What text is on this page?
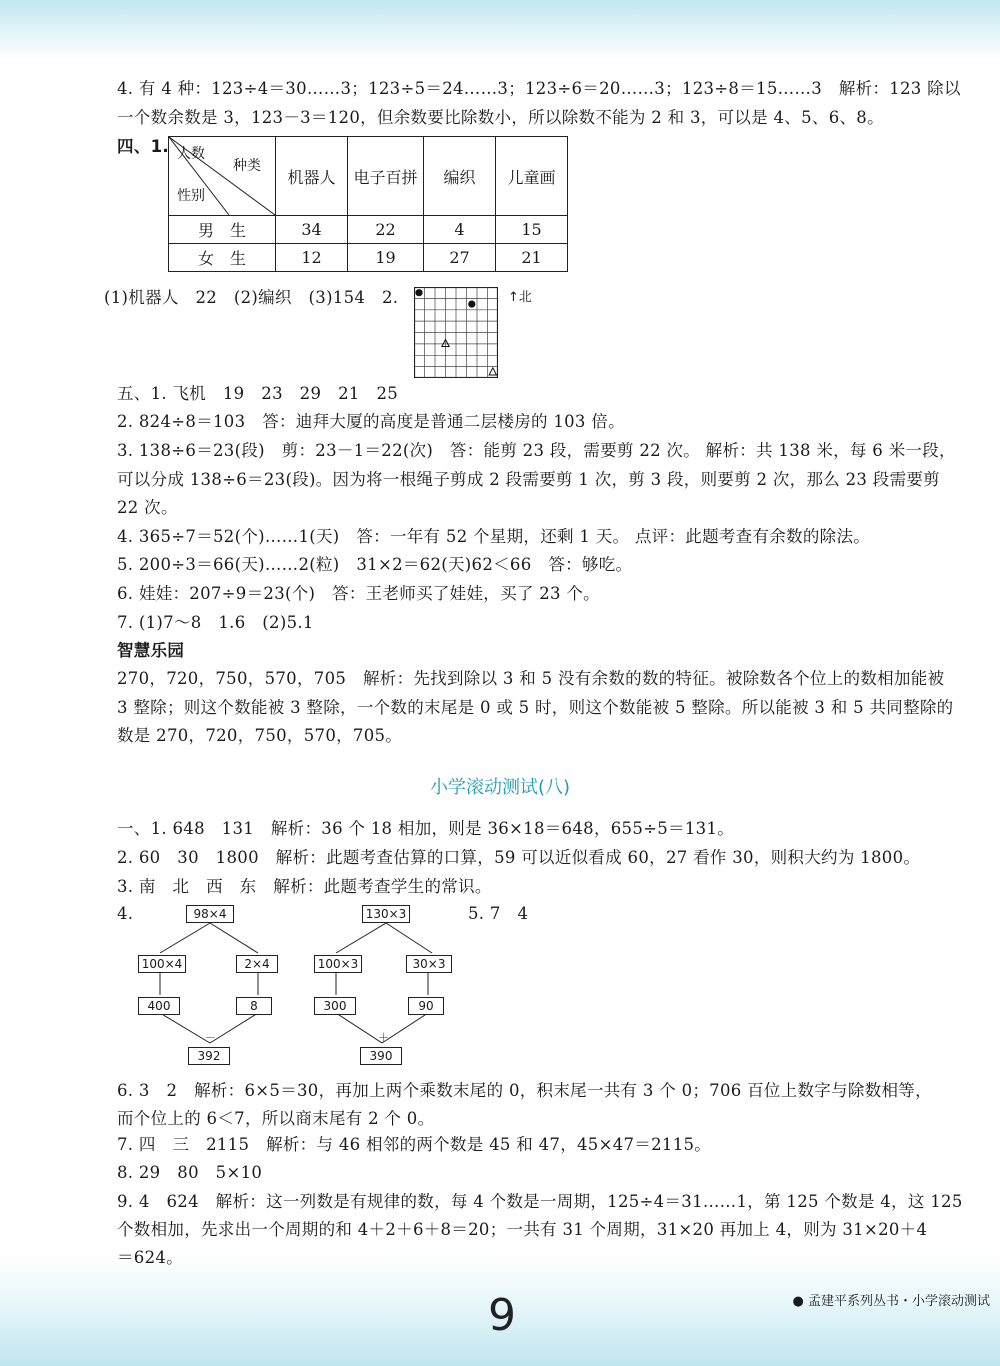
4. 有 4 种：123÷4＝30……3；123÷5＝24……3；123÷6＝20……3；123÷8＝15……3　解析：123 除以
一个数余数是 3，123－3＝120，但余数要比除数小，所以除数不能为 2 和 3，可以是 4、5、6、8。
四、1. 人数
种类
性别	机器人	电子百拼	编织	儿童画
男　生	34	22	4	15
女　生	12	19	27	21
(1)机器人　22　(2)编织　(3)154　2.	↑北
五、1. 飞机　19　23　29　21　25
2. 824÷8＝103　答：迪拜大厦的高度是普通二层楼房的 103 倍。
3. 138÷6＝23(段)　剪：23－1＝22(次)　答：能剪 23 段，需要剪 22 次。 解析：共 138 米，每 6 米一段，
可以分成 138÷6＝23(段)。因为将一根绳子剪成 2 段需要剪 1 次，剪 3 段，则要剪 2 次，那么 23 段需要剪
22 次。
4. 365÷7＝52(个)……1(天)　答：一年有 52 个星期，还剩 1 天。 点评：此题考查有余数的除法。
5. 200÷3＝66(天)……2(粒)　31×2＝62(天)62＜66　答：够吃。
6. 娃娃：207÷9＝23(个)　答：王老师买了娃娃，买了 23 个。
7. (1)7～8　1.6　(2)5.1
智慧乐园
270，720，750，570，705　解析：先找到除以 3 和 5 没有余数的数的特征。被除数各个位上的数相加能被
3 整除；则这个数能被 3 整除，一个数的末尾是 0 或 5 时，则这个数能被 5 整除。所以能被 3 和 5 共同整除的
数是 270，720，750，570，705。
小学滚动测试(八)
一、1. 648　131　解析：36 个 18 相加，则是 36×18＝648，655÷5＝131。
2. 60　30　1800　解析：此题考查估算的口算，59 可以近似看成 60，27 看作 30，则积大约为 1800。
3. 南　北　西　东　解析：此题考查学生的常识。
4.	5. 7　4
98×4
100×4	2×4
400	8
－
392
130×3
100×3	30×3
300	90
＋
390
6. 3　2　解析：6×5＝30，再加上两个乘数末尾的 0，积末尾一共有 3 个 0；706 百位上数字与除数相等，
而个位上的 6＜7，所以商末尾有 2 个 0。
7. 四　三　2115　解析：与 46 相邻的两个数是 45 和 47，45×47＝2115。
8. 29　80　5×10
9. 4　624　解析：这一列数是有规律的数，每 4 个数是一周期，125÷4＝31……1，第 125 个数是 4，这 125
个数相加，先求出一个周期的和 4＋2＋6＋8＝20；一共有 31 个周期，31×20 再加上 4，则为 31×20＋4
＝624。
9	● 孟建平系列丛书・小学滚动测试
